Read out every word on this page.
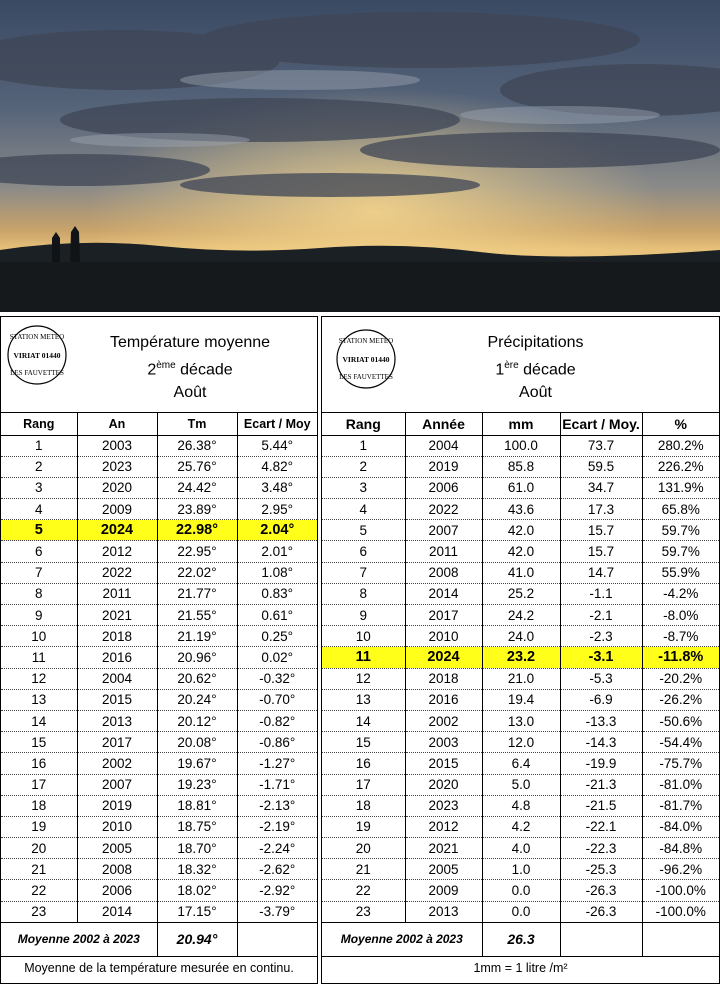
STATION METEO
VIRIAT 01440
LES FAUVETTES
Température moyenne
2ème décade
Août
Rang	An	Tm	Ecart / Moy
1	2003	26.38°	5.44°
2	2023	25.76°	4.82°
3	2020	24.42°	3.48°
4	2009	23.89°	2.95°
5	2024	22.98°	2.04°
6	2012	22.95°	2.01°
7	2022	22.02°	1.08°
8	2011	21.77°	0.83°
9	2021	21.55°	0.61°
10	2018	21.19°	0.25°
11	2016	20.96°	0.02°
12	2004	20.62°	-0.32°
13	2015	20.24°	-0.70°
14	2013	20.12°	-0.82°
15	2017	20.08°	-0.86°
16	2002	19.67°	-1.27°
17	2007	19.23°	-1.71°
18	2019	18.81°	-2.13°
19	2010	18.75°	-2.19°
20	2005	18.70°	-2.24°
21	2008	18.32°	-2.62°
22	2006	18.02°	-2.92°
23	2014	17.15°	-3.79°
Moyenne 2002 à 2023		20.94°	
Moyenne de la température mesurée en continu.
STATION METEO
VIRIAT 01440
LES FAUVETTES
Précipitations
1ère décade
Août
Rang	Année	mm	Ecart / Moy.	%
1	2004	100.0	73.7	280.2%
2	2019	85.8	59.5	226.2%
3	2006	61.0	34.7	131.9%
4	2022	43.6	17.3	65.8%
5	2007	42.0	15.7	59.7%
6	2011	42.0	15.7	59.7%
7	2008	41.0	14.7	55.9%
8	2014	25.2	-1.1	-4.2%
9	2017	24.2	-2.1	-8.0%
10	2010	24.0	-2.3	-8.7%
11	2024	23.2	-3.1	-11.8%
12	2018	21.0	-5.3	-20.2%
13	2016	19.4	-6.9	-26.2%
14	2002	13.0	-13.3	-50.6%
15	2003	12.0	-14.3	-54.4%
16	2015	6.4	-19.9	-75.7%
17	2020	5.0	-21.3	-81.0%
18	2023	4.8	-21.5	-81.7%
19	2012	4.2	-22.1	-84.0%
20	2021	4.0	-22.3	-84.8%
21	2005	1.0	-25.3	-96.2%
22	2009	0.0	-26.3	-100.0%
23	2013	0.0	-26.3	-100.0%
Moyenne 2002 à 2023		26.3		
1mm = 1 litre /m²
